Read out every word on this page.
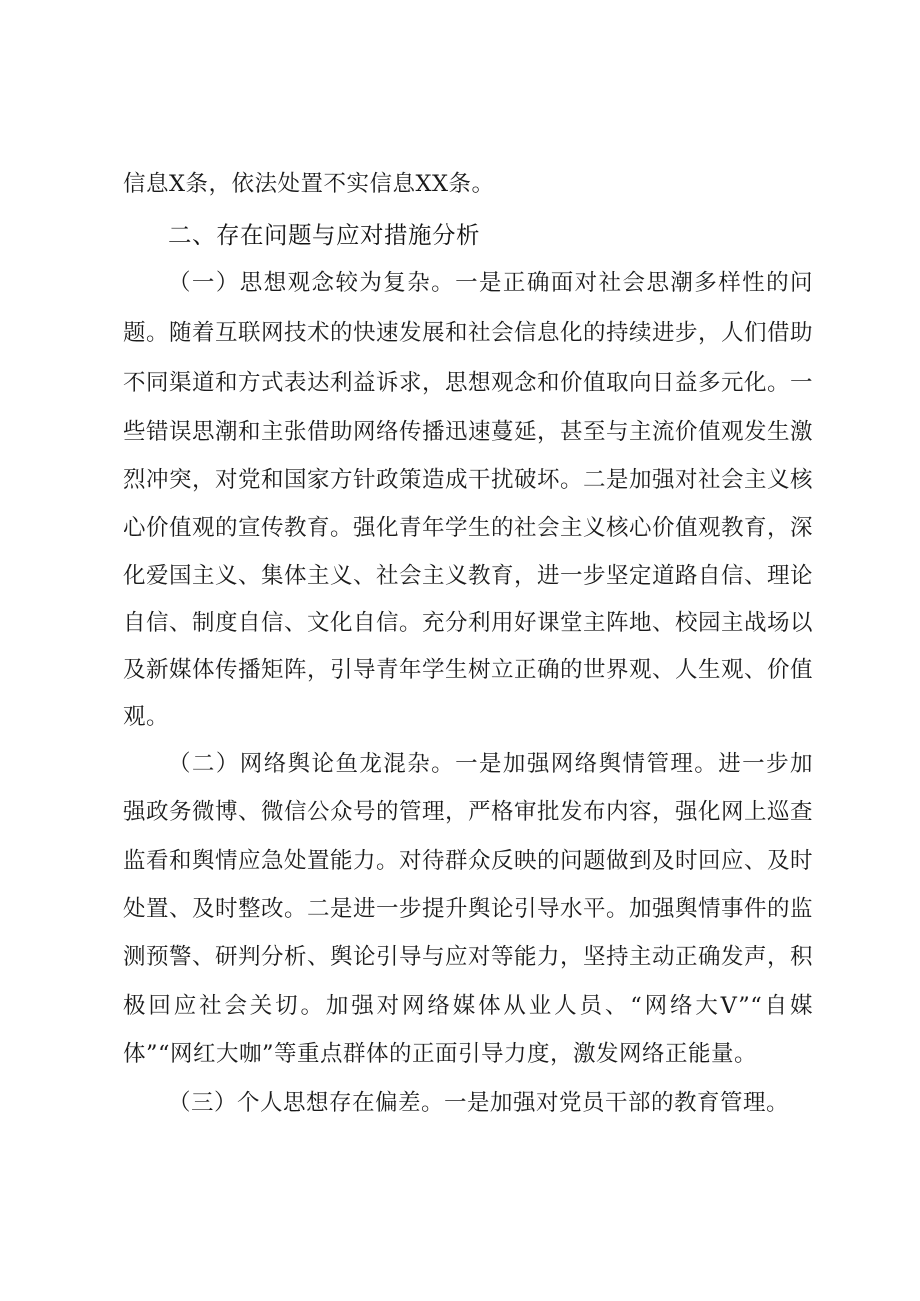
信息X条，依法处置不实信息XX条。
二、存在问题与应对措施分析
（一）思想观念较为复杂。一是正确面对社会思潮多样性的问
题。随着互联网技术的快速发展和社会信息化的持续进步，人们借助
不同渠道和方式表达利益诉求，思想观念和价值取向日益多元化。一
些错误思潮和主张借助网络传播迅速蔓延，甚至与主流价值观发生激
烈冲突，对党和国家方针政策造成干扰破坏。二是加强对社会主义核
心价值观的宣传教育。强化青年学生的社会主义核心价值观教育，深
化爱国主义、集体主义、社会主义教育，进一步坚定道路自信、理论
自信、制度自信、文化自信。充分利用好课堂主阵地、校园主战场以
及新媒体传播矩阵，引导青年学生树立正确的世界观、人生观、价值
观。
（二）网络舆论鱼龙混杂。一是加强网络舆情管理。进一步加
强政务微博、微信公众号的管理，严格审批发布内容，强化网上巡查
监看和舆情应急处置能力。对待群众反映的问题做到及时回应、及时
处置、及时整改。二是进一步提升舆论引导水平。加强舆情事件的监
测预警、研判分析、舆论引导与应对等能力，坚持主动正确发声，积
极回应社会关切。加强对网络媒体从业人员、“网络大V”“自媒
体”“网红大咖”等重点群体的正面引导力度，激发网络正能量。
（三）个人思想存在偏差。一是加强对党员干部的教育管理。
